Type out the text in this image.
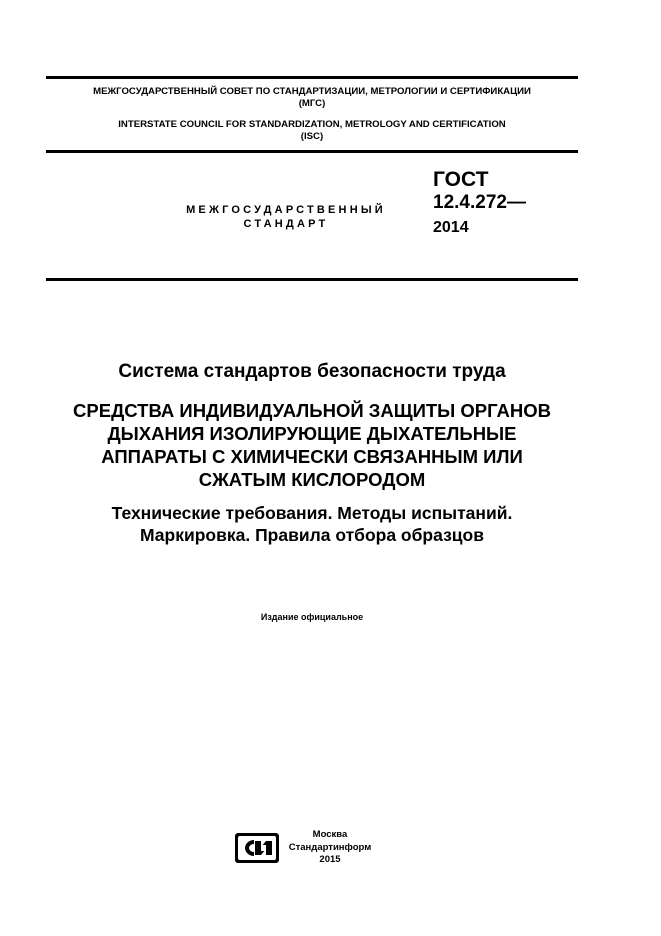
МЕЖГОСУДАРСТВЕННЫЙ СОВЕТ ПО СТАНДАРТИЗАЦИИ, МЕТРОЛОГИИ И СЕРТИФИКАЦИИ
(МГС)
INTERSTATE COUNCIL FOR STANDARDIZATION, METROLOGY AND CERTIFICATION
(ISC)
МЕЖГОСУДАРСТВЕННЫЙ
СТАНДАРТ
ГОСТ
12.4.272—
2014
Система стандартов безопасности труда
СРЕДСТВА ИНДИВИДУАЛЬНОЙ ЗАЩИТЫ ОРГАНОВ
ДЫХАНИЯ ИЗОЛИРУЮЩИЕ ДЫХАТЕЛЬНЫЕ
АППАРАТЫ С ХИМИЧЕСКИ СВЯЗАННЫМ ИЛИ
СЖАТЫМ КИСЛОРОДОМ
Технические требования. Методы испытаний.
Маркировка. Правила отбора образцов
Издание официальное
Москва
Стандартинформ
2015
